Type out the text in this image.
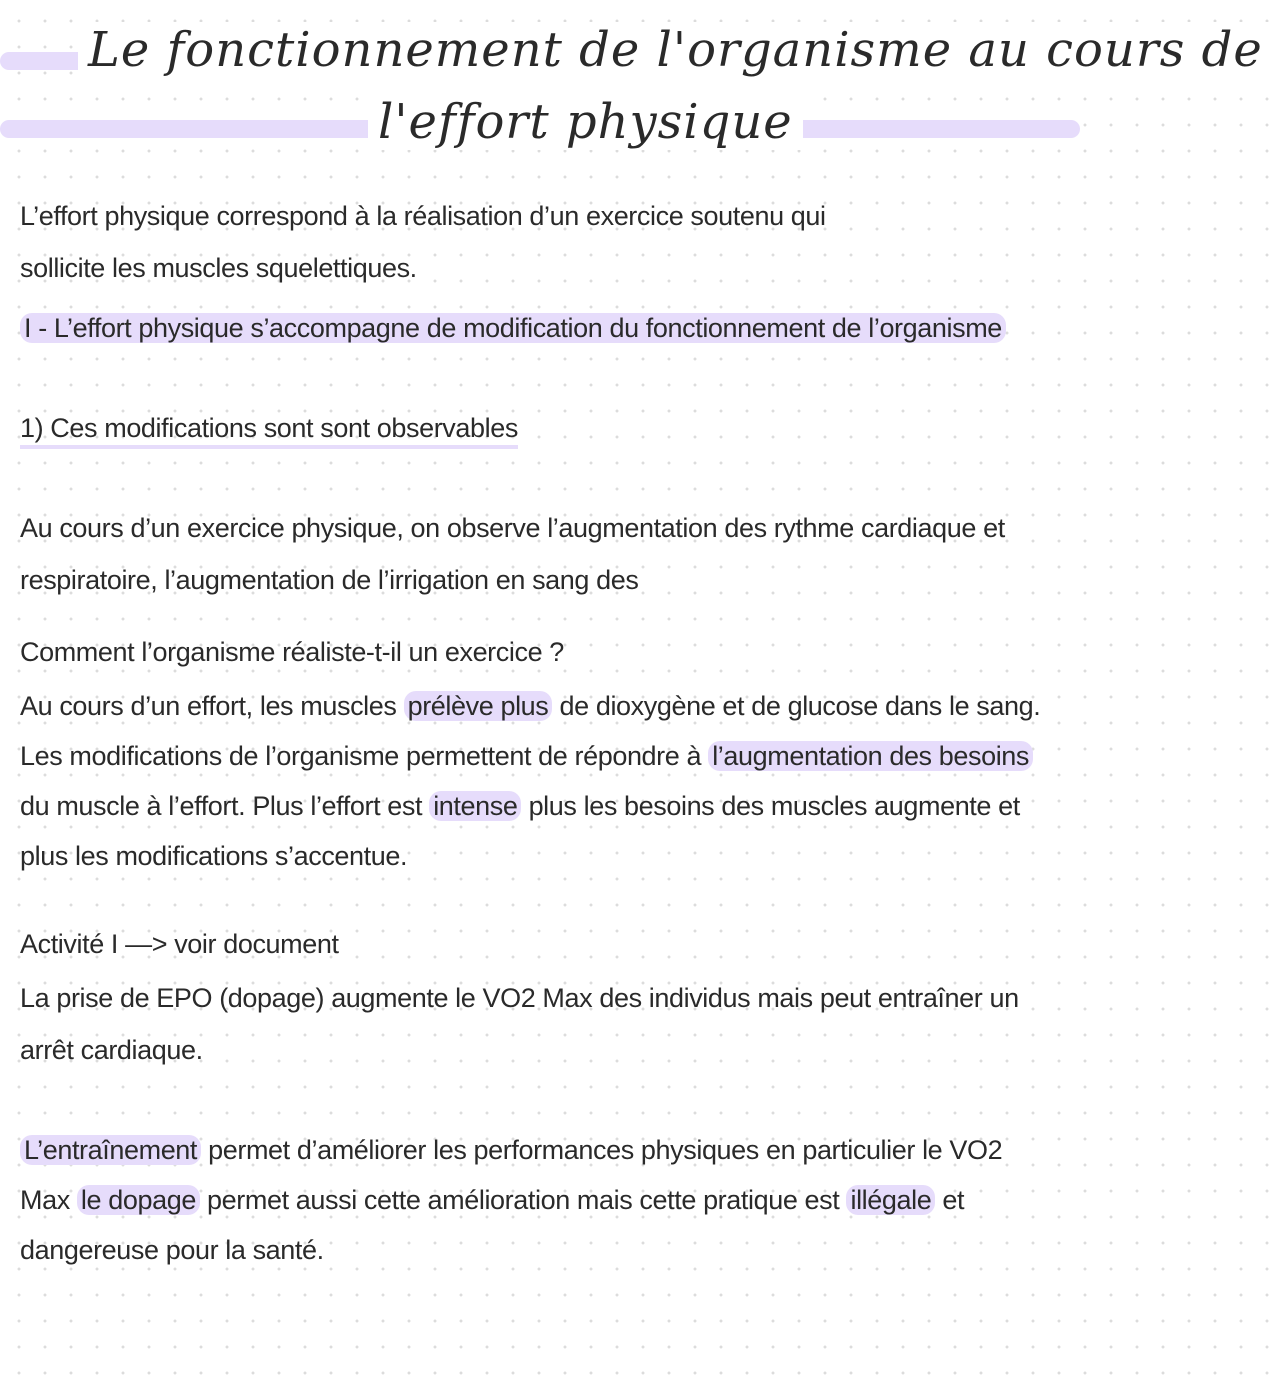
Le fonctionnement de l'organisme au cours de
l'effort physique

L’effort physique correspond à la réalisation d’un exercice soutenu qui

sollicite les muscles squelettiques.

I - L’effort physique s’accompagne de modification du fonctionnement de l’organisme

1) Ces modifications sont sont observables

Au cours d’un exercice physique, on observe l’augmentation des rythme cardiaque et

respiratoire, l’augmentation de l’irrigation en sang des

Comment l’organisme réaliste-t-il un exercice ?

Au cours d’un effort, les muscles prélève plus de dioxygène et de glucose dans le sang.

Les modifications de l’organisme permettent de répondre à l’augmentation des besoins

du muscle à l’effort. Plus l’effort est intense plus les besoins des muscles augmente et

plus les modifications s’accentue.

Activité I —> voir document

La prise de EPO (dopage) augmente le VO2 Max des individus mais peut entraîner un

arrêt cardiaque.

L’entraînement permet d’améliorer les performances physiques en particulier le VO2

Max le dopage permet aussi cette amélioration mais cette pratique est illégale et

dangereuse pour la santé.
